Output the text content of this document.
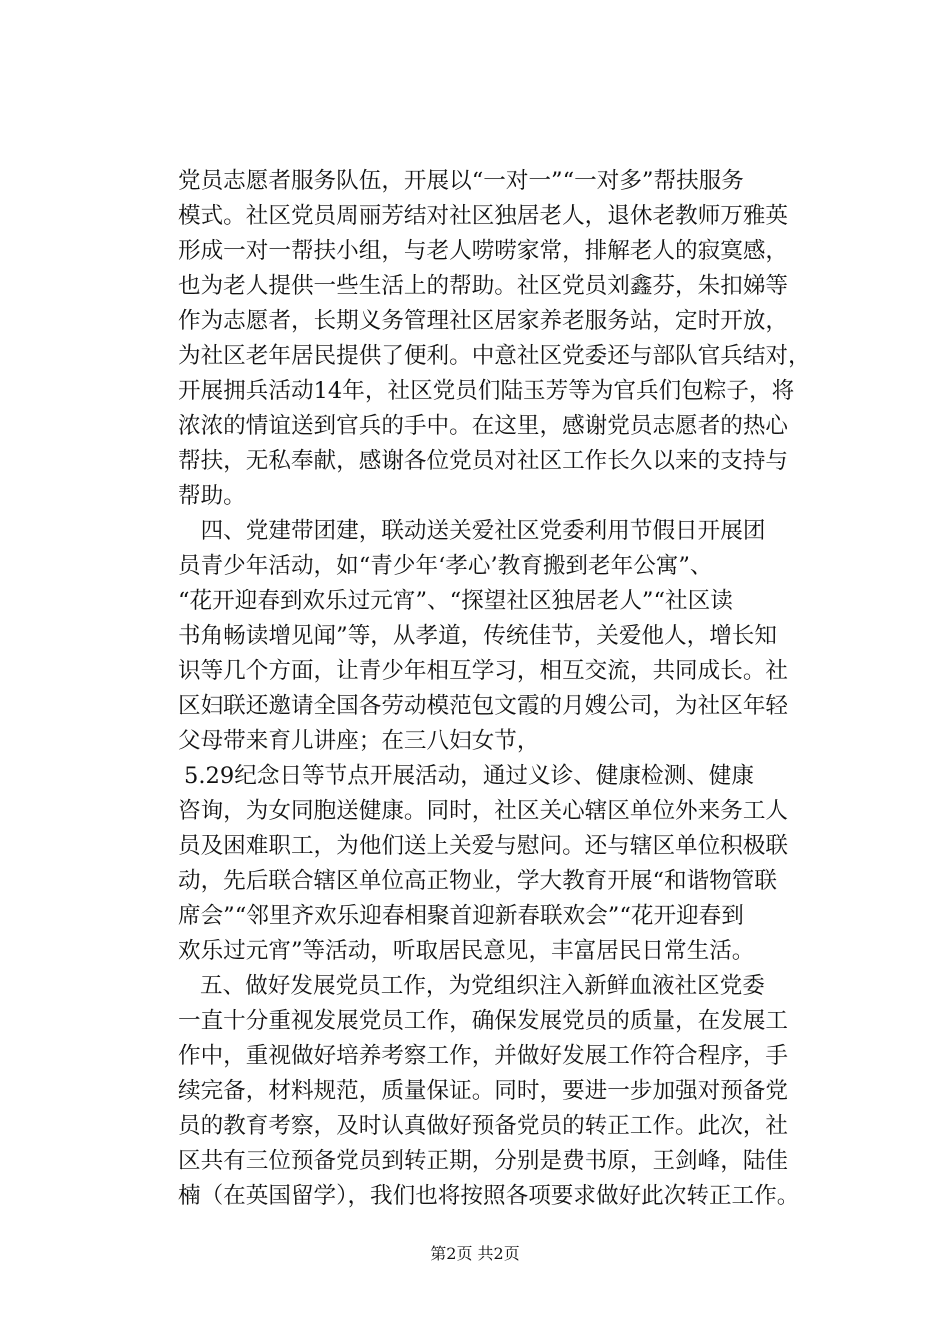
党员志愿者服务队伍，开展以“一对一”“一对多”帮扶服务
模式。社区党员周丽芳结对社区独居老人，退休老教师万雅英
形成一对一帮扶小组，与老人唠唠家常，排解老人的寂寞感，
也为老人提供一些生活上的帮助。社区党员刘鑫芬，朱扣娣等
作为志愿者，长期义务管理社区居家养老服务站，定时开放，
为社区老年居民提供了便利。中意社区党委还与部队官兵结对，
开展拥兵活动14年，社区党员们陆玉芳等为官兵们包粽子，将
浓浓的情谊送到官兵的手中。在这里，感谢党员志愿者的热心
帮扶，无私奉献，感谢各位党员对社区工作长久以来的支持与
帮助。
　四、党建带团建，联动送关爱社区党委利用节假日开展团
员青少年活动，如“青少年‘孝心’教育搬到老年公寓”、
“花开迎春到欢乐过元宵”、“探望社区独居老人”“社区读
书角畅读增见闻”等，从孝道，传统佳节，关爱他人，增长知
识等几个方面，让青少年相互学习，相互交流，共同成长。社
区妇联还邀请全国各劳动模范包文霞的月嫂公司，为社区年轻
父母带来育儿讲座；在三八妇女节，
5.29纪念日等节点开展活动，通过义诊、健康检测、健康
咨询，为女同胞送健康。同时，社区关心辖区单位外来务工人
员及困难职工，为他们送上关爱与慰问。还与辖区单位积极联
动，先后联合辖区单位高正物业，学大教育开展“和谐物管联
席会”“邻里齐欢乐迎春相聚首迎新春联欢会”“花开迎春到
欢乐过元宵”等活动，听取居民意见，丰富居民日常生活。
五、做好发展党员工作，为党组织注入新鲜血液社区党委
一直十分重视发展党员工作，确保发展党员的质量，在发展工
作中，重视做好培养考察工作，并做好发展工作符合程序，手
续完备，材料规范，质量保证。同时，要进一步加强对预备党
员的教育考察，及时认真做好预备党员的转正工作。此次，社
区共有三位预备党员到转正期，分别是费书原，王剑峰，陆佳
楠（在英国留学），我们也将按照各项要求做好此次转正工作。
第2页 共2页
